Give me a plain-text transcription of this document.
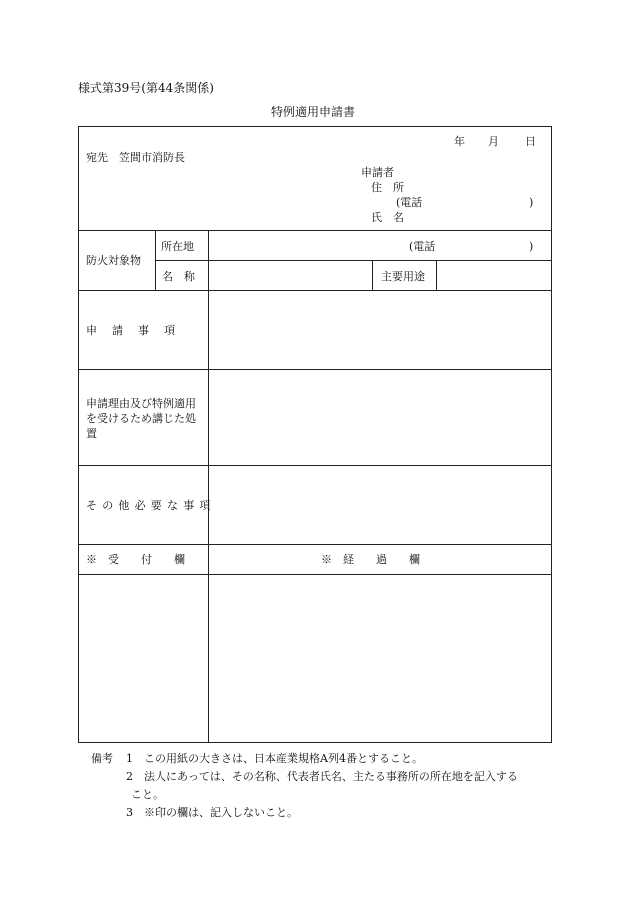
様式第39号(第44条関係)
特例適用申請書
年 月 日
宛先　笠間市消防長
申請者
住　所
(電話	)
氏　名
防火対象物
所在地	(電話	)
名　称	主要用途
申　請　事　項
申請理由及び特例適用
を受けるため講じた処
置
その他必要な事項
※　受　　付　　欄	※　経　　過　　欄
備考 1 この用紙の大きさは、日本産業規格A列4番とすること。
2 法人にあっては、その名称、代表者氏名、主たる事務所の所在地を記入する
こと。
3 ※印の欄は、記入しないこと。
